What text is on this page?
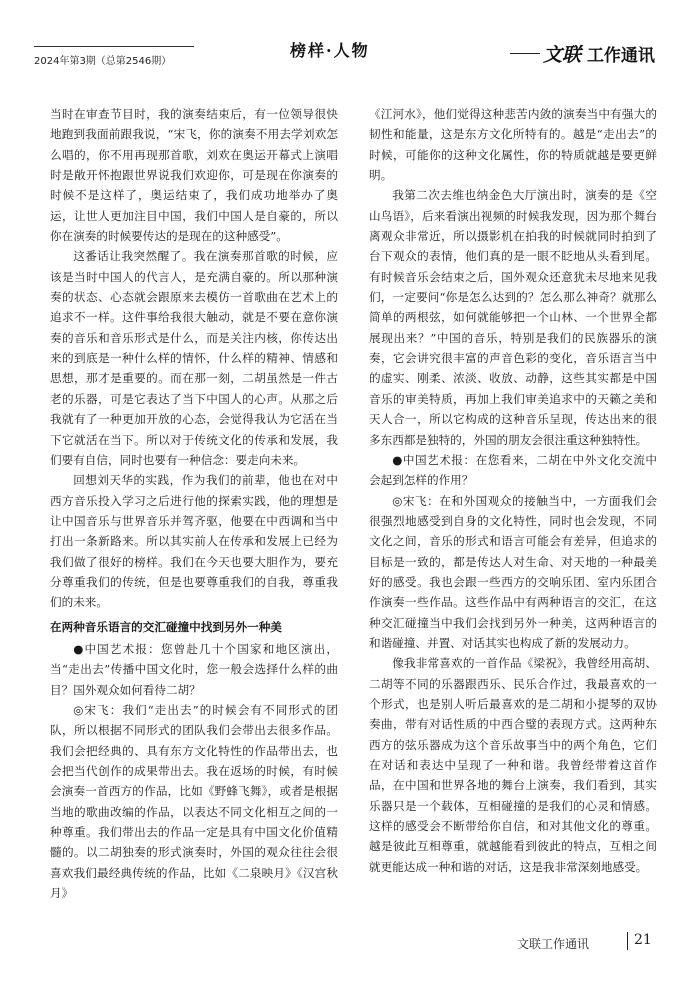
2024年第3期（总第2546期）
榜样·人物	文联 工作通讯

当时在审查节目时，我的演奏结束后，有一位领导很快地跑到我面前跟我说，“宋飞，你的演奏不用去学刘欢怎么唱的，你不用再现那首歌，刘欢在奥运开幕式上演唱时是敞开怀抱跟世界说我们欢迎你，可是现在你演奏的时候不是这样了，奥运结束了，我们成功地举办了奥运，让世人更加注目中国，我们中国人是自豪的，所以你在演奏的时候要传达的是现在的这种感受”。

这番话让我突然醒了。我在演奏那首歌的时候，应该是当时中国人的代言人，是充满自豪的。所以那种演奏的状态、心态就会跟原来去模仿一首歌曲在艺术上的追求不一样。这件事给我很大触动，就是不要在意你演奏的音乐和音乐形式是什么，而是关注内核，你传达出来的到底是一种什么样的情怀，什么样的精神、情感和思想，那才是重要的。而在那一刻，二胡虽然是一件古老的乐器，可是它表达了当下中国人的心声。从那之后我就有了一种更加开放的心态，会觉得我认为它活在当下它就活在当下。所以对于传统文化的传承和发展，我们要有自信，同时也要有一种信念：要走向未来。

回想刘天华的实践，作为我们的前辈，他也在对中西方音乐投入学习之后进行他的探索实践，他的理想是让中国音乐与世界音乐并驾齐驱，他要在中西调和当中打出一条新路来。所以其实前人在传承和发展上已经为我们做了很好的榜样。我们在今天也要大胆作为，要充分尊重我们的传统，但是也要尊重我们的自我，尊重我们的未来。

在两种音乐语言的交汇碰撞中找到另外一种美

●中国艺术报：您曾赴几十个国家和地区演出，当“走出去”传播中国文化时，您一般会选择什么样的曲目？国外观众如何看待二胡？

◎宋飞：我们“走出去”的时候会有不同形式的团队，所以根据不同形式的团队我们会带出去很多作品。我们会把经典的、具有东方文化特性的作品带出去，也会把当代创作的成果带出去。我在返场的时候，有时候会演奏一首西方的作品，比如《野蜂飞舞》，或者是根据当地的歌曲改编的作品，以表达不同文化相互之间的一种尊重。我们带出去的作品一定是具有中国文化价值精髓的。以二胡独奏的形式演奏时，外国的观众往往会很喜欢我们最经典传统的作品，比如《二泉映月》《汉宫秋月》

《江河水》，他们觉得这种悲苦内敛的演奏当中有强大的韧性和能量，这是东方文化所特有的。越是“走出去”的时候，可能你的这种文化属性，你的特质就越是要更鲜明。

我第二次去维也纳金色大厅演出时，演奏的是《空山鸟语》，后来看演出视频的时候我发现，因为那个舞台离观众非常近，所以摄影机在拍我的时候就同时拍到了台下观众的表情，他们真的是一眼不眨地从头看到尾。有时候音乐会结束之后，国外观众还意犹未尽地来见我们，一定要问“你是怎么达到的？怎么那么神奇？就那么简单的两根弦，如何就能够把一个山林、一个世界全都展现出来？”中国的音乐，特别是我们的民族器乐的演奏，它会讲究很丰富的声音色彩的变化，音乐语言当中的虚实、刚柔、浓淡、收放、动静，这些其实都是中国音乐的审美特质，再加上我们审美追求中的天籁之美和天人合一，所以它构成的这种音乐呈现，传达出来的很多东西都是独特的，外国的朋友会很注重这种独特性。

●中国艺术报：在您看来，二胡在中外文化交流中会起到怎样的作用？

◎宋飞：在和外国观众的接触当中，一方面我们会很强烈地感受到自身的文化特性，同时也会发现，不同文化之间，音乐的形式和语言可能会有差异，但追求的目标是一致的，都是传达人对生命、对天地的一种最美好的感受。我也会跟一些西方的交响乐团、室内乐团合作演奏一些作品。这些作品中有两种语言的交汇，在这种交汇碰撞当中我们会找到另外一种美，这两种语言的和谐碰撞、并置、对话其实也构成了新的发展动力。

像我非常喜欢的一首作品《梁祝》，我曾经用高胡、二胡等不同的乐器跟西乐、民乐合作过，我最喜欢的一个形式，也是别人听后最喜欢的是二胡和小提琴的双协奏曲，带有对话性质的中西合璧的表现方式。这两种东西方的弦乐器成为这个音乐故事当中的两个角色，它们在对话和表达中呈现了一种和谐。我曾经带着这首作品，在中国和世界各地的舞台上演奏，我们看到，其实乐器只是一个载体，互相碰撞的是我们的心灵和情感。这样的感受会不断带给你自信，和对其他文化的尊重。越是彼此互相尊重，就越能看到彼此的特点，互相之间就更能达成一种和谐的对话，这是我非常深刻地感受。

文联工作通讯	21
